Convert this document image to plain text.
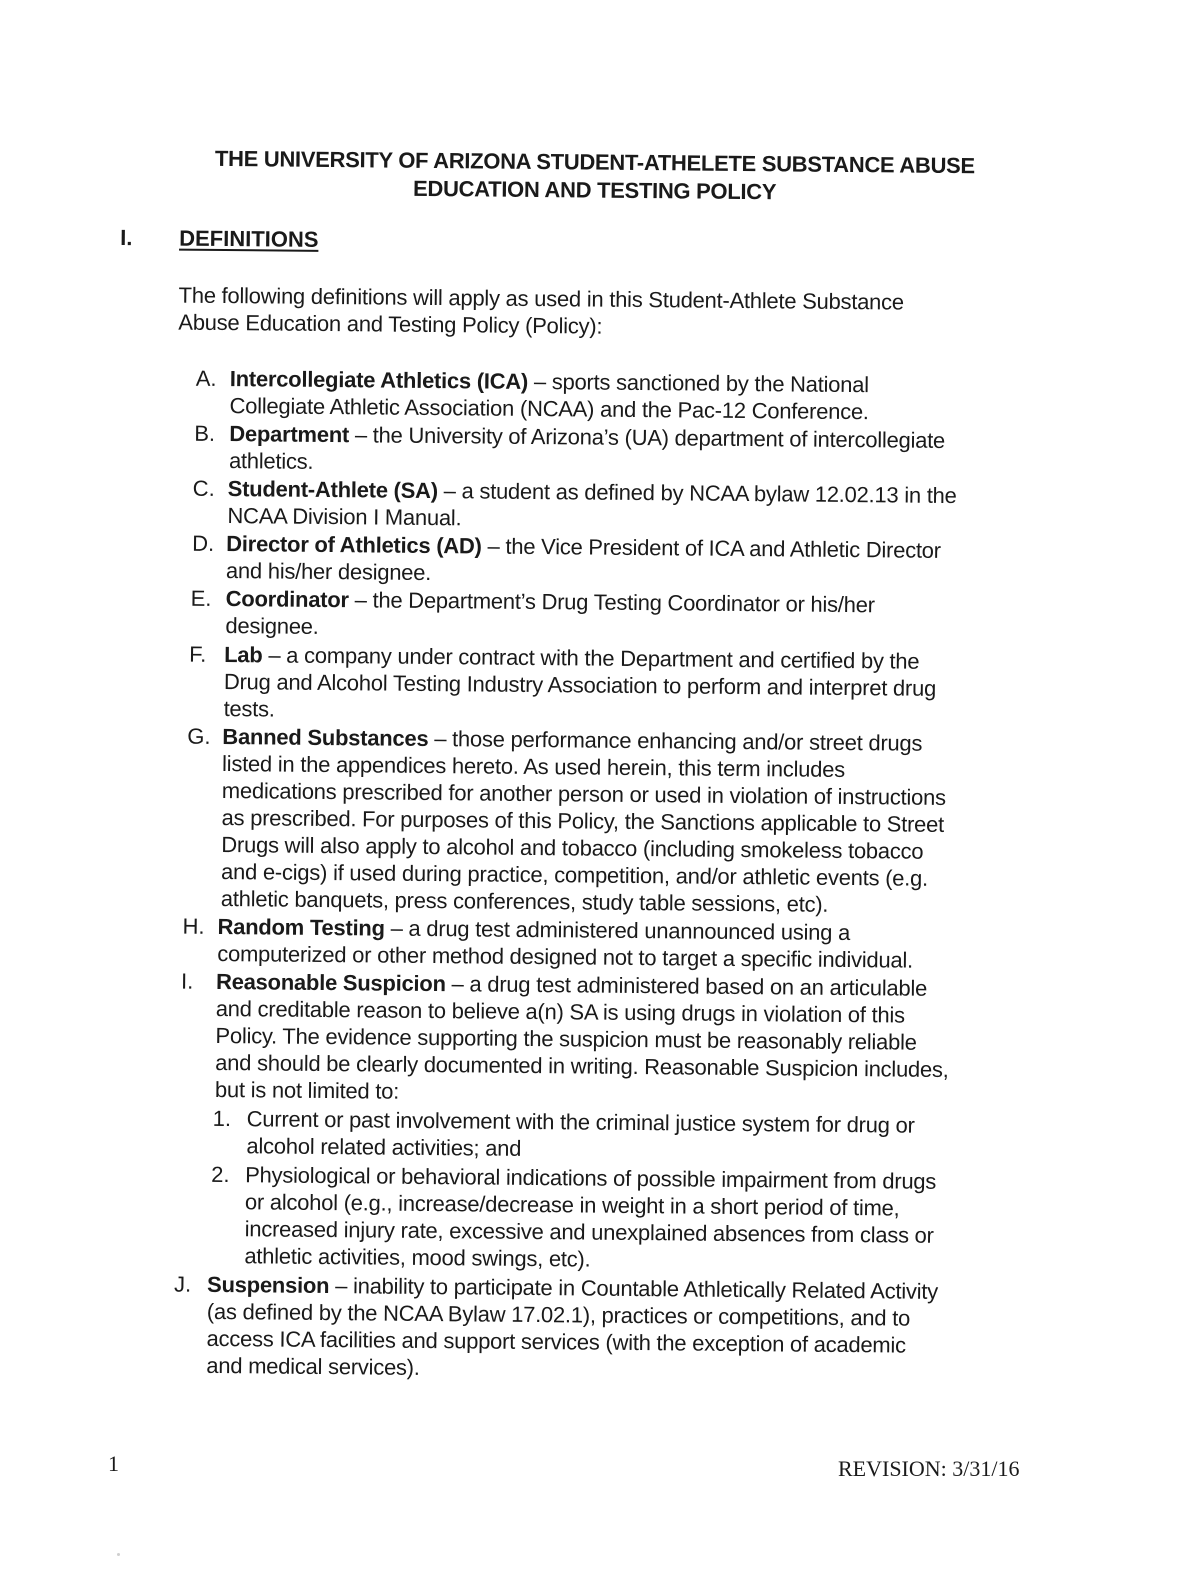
THE UNIVERSITY OF ARIZONA STUDENT-ATHELETE SUBSTANCE ABUSE
EDUCATION AND TESTING POLICY
I. DEFINITIONS
The following definitions will apply as used in this Student-Athlete Substance
Abuse Education and Testing Policy (Policy):
A. Intercollegiate Athletics (ICA) – sports sanctioned by the National
Collegiate Athletic Association (NCAA) and the Pac-12 Conference.
B. Department – the University of Arizona’s (UA) department of intercollegiate
athletics.
C. Student-Athlete (SA) – a student as defined by NCAA bylaw 12.02.13 in the
NCAA Division I Manual.
D. Director of Athletics (AD) – the Vice President of ICA and Athletic Director
and his/her designee.
E. Coordinator – the Department’s Drug Testing Coordinator or his/her
designee.
F. Lab – a company under contract with the Department and certified by the
Drug and Alcohol Testing Industry Association to perform and interpret drug
tests.
G. Banned Substances – those performance enhancing and/or street drugs
listed in the appendices hereto. As used herein, this term includes
medications prescribed for another person or used in violation of instructions
as prescribed. For purposes of this Policy, the Sanctions applicable to Street
Drugs will also apply to alcohol and tobacco (including smokeless tobacco
and e-cigs) if used during practice, competition, and/or athletic events (e.g.
athletic banquets, press conferences, study table sessions, etc).
H. Random Testing – a drug test administered unannounced using a
computerized or other method designed not to target a specific individual.
I. Reasonable Suspicion – a drug test administered based on an articulable
and creditable reason to believe a(n) SA is using drugs in violation of this
Policy. The evidence supporting the suspicion must be reasonably reliable
and should be clearly documented in writing. Reasonable Suspicion includes,
but is not limited to:
1. Current or past involvement with the criminal justice system for drug or
alcohol related activities; and
2. Physiological or behavioral indications of possible impairment from drugs
or alcohol (e.g., increase/decrease in weight in a short period of time,
increased injury rate, excessive and unexplained absences from class or
athletic activities, mood swings, etc).
J. Suspension – inability to participate in Countable Athletically Related Activity
(as defined by the NCAA Bylaw 17.02.1), practices or competitions, and to
access ICA facilities and support services (with the exception of academic
and medical services).
1	REVISION: 3/31/16
